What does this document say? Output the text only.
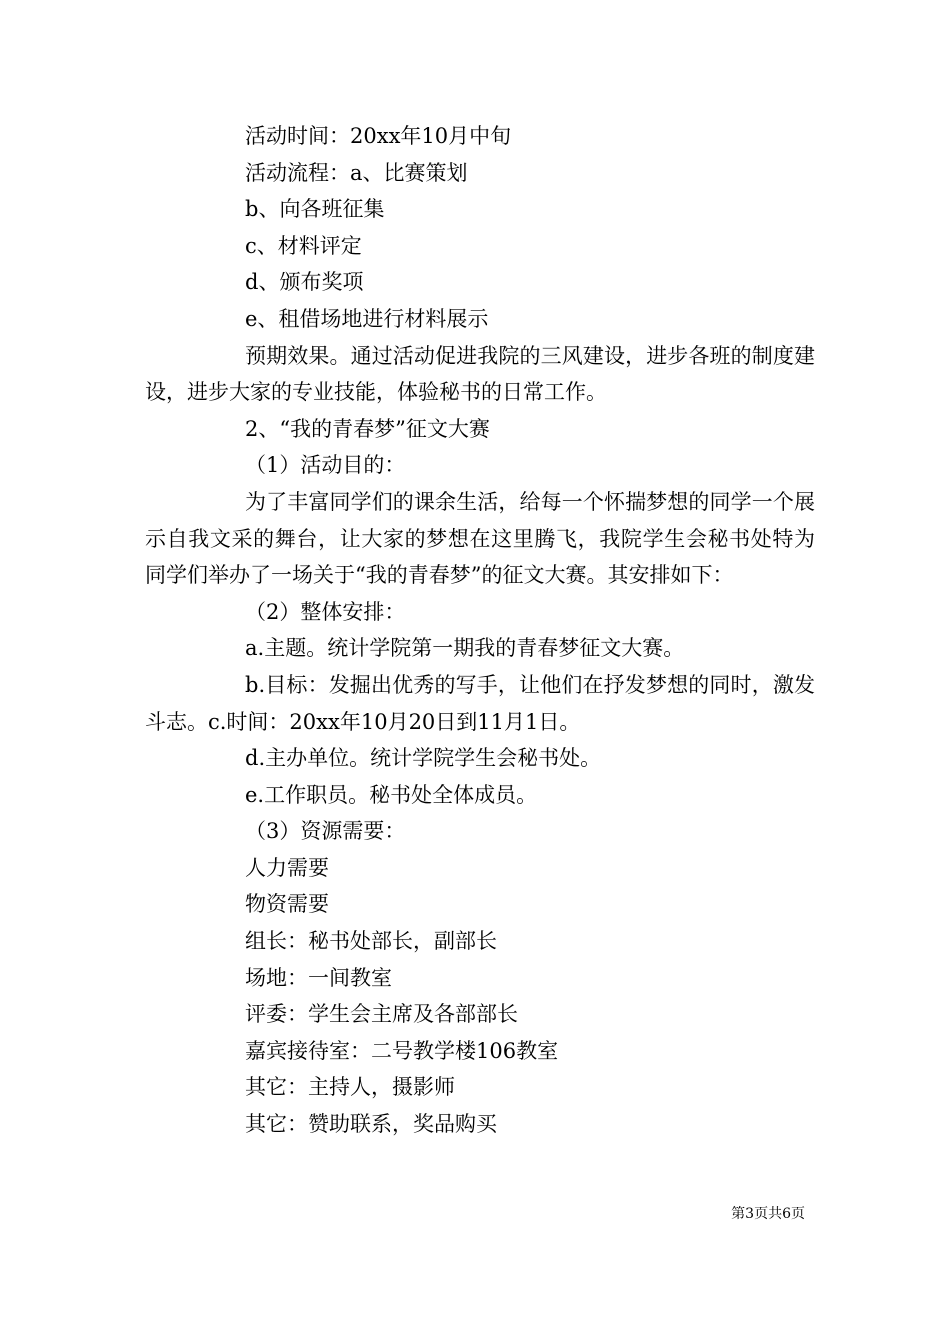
活动时间：20xx年10月中旬

活动流程：a、比赛策划

b、向各班征集

c、材料评定

d、颁布奖项

e、租借场地进行材料展示

预期效果。通过活动促进我院的三风建设，进步各班的制度建设，进步大家的专业技能，体验秘书的日常工作。

2、“我的青春梦”征文大赛

（1）活动目的：

为了丰富同学们的课余生活，给每一个怀揣梦想的同学一个展示自我文采的舞台，让大家的梦想在这里腾飞，我院学生会秘书处特为同学们举办了一场关于“我的青春梦”的征文大赛。其安排如下：

（2）整体安排：

a.主题。统计学院第一期我的青春梦征文大赛。

b.目标：发掘出优秀的写手，让他们在抒发梦想的同时，激发斗志。c.时间：20xx年10月20日到11月1日。

d.主办单位。统计学院学生会秘书处。

e.工作职员。秘书处全体成员。

（3）资源需要：

人力需要

物资需要

组长：秘书处部长，副部长

场地：一间教室

评委：学生会主席及各部部长

嘉宾接待室：二号教学楼106教室

其它：主持人，摄影师

其它：赞助联系，奖品购买

第3页共6页
